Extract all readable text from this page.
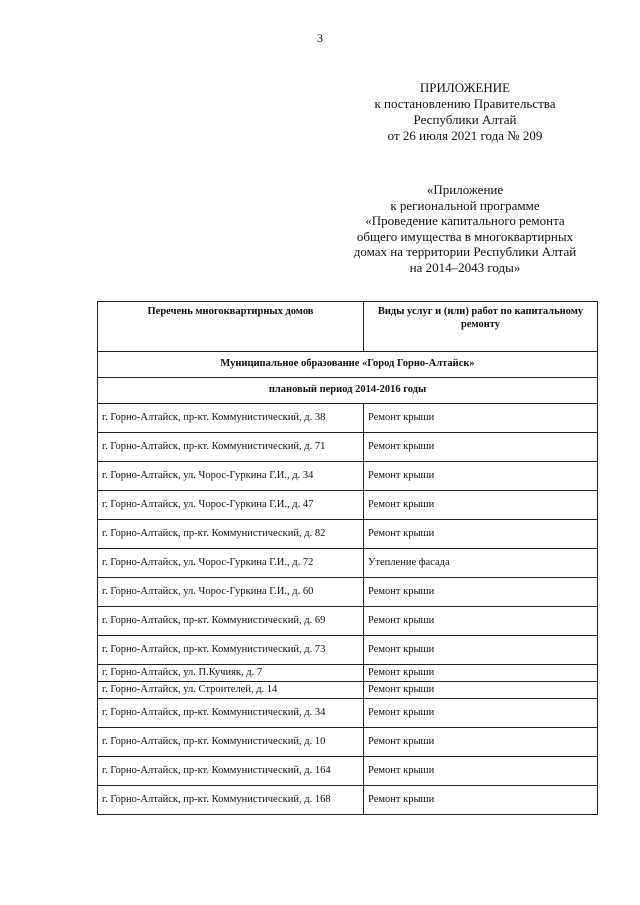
3
ПРИЛОЖЕНИЕ
к постановлению Правительства
Республики Алтай
от 26 июля 2021 года № 209
«Приложение
к региональной программе
«Проведение капитального ремонта
общего имущества в многоквартирных
домах на территории Республики Алтай
на 2014–2043 годы»
Перечень многоквартирных домов	Виды услуг и (или) работ по капитальному ремонту
Муниципальное образование «Город Горно-Алтайск»	
плановый период 2014-2016 годы	
г. Горно-Алтайск, пр-кт. Коммунистический, д. 38	Ремонт крыши
г. Горно-Алтайск, пр-кт. Коммунистический, д. 71	Ремонт крыши
г. Горно-Алтайск, ул. Чорос-Гуркина Г.И., д. 34	Ремонт крыши
г. Горно-Алтайск, ул. Чорос-Гуркина Г.И., д. 47	Ремонт крыши
г. Горно-Алтайск, пр-кт. Коммунистический, д. 82	Ремонт крыши
г. Горно-Алтайск, ул. Чорос-Гуркина Г.И., д. 72	Утепление фасада
г. Горно-Алтайск, ул. Чорос-Гуркина Г.И., д. 60	Ремонт крыши
г. Горно-Алтайск, пр-кт. Коммунистический, д. 69	Ремонт крыши
г. Горно-Алтайск, пр-кт. Коммунистический, д. 73	Ремонт крыши
г. Горно-Алтайск, ул. П.Кучияк, д. 7	Ремонт крыши
г. Горно-Алтайск, ул. Строителей, д. 14	Ремонт крыши
г. Горно-Алтайск, пр-кт. Коммунистический, д. 34	Ремонт крыши
г. Горно-Алтайск, пр-кт. Коммунистический, д. 10	Ремонт крыши
г. Горно-Алтайск, пр-кт. Коммунистический, д. 164	Ремонт крыши
г. Горно-Алтайск, пр-кт. Коммунистический, д. 168	Ремонт крыши
